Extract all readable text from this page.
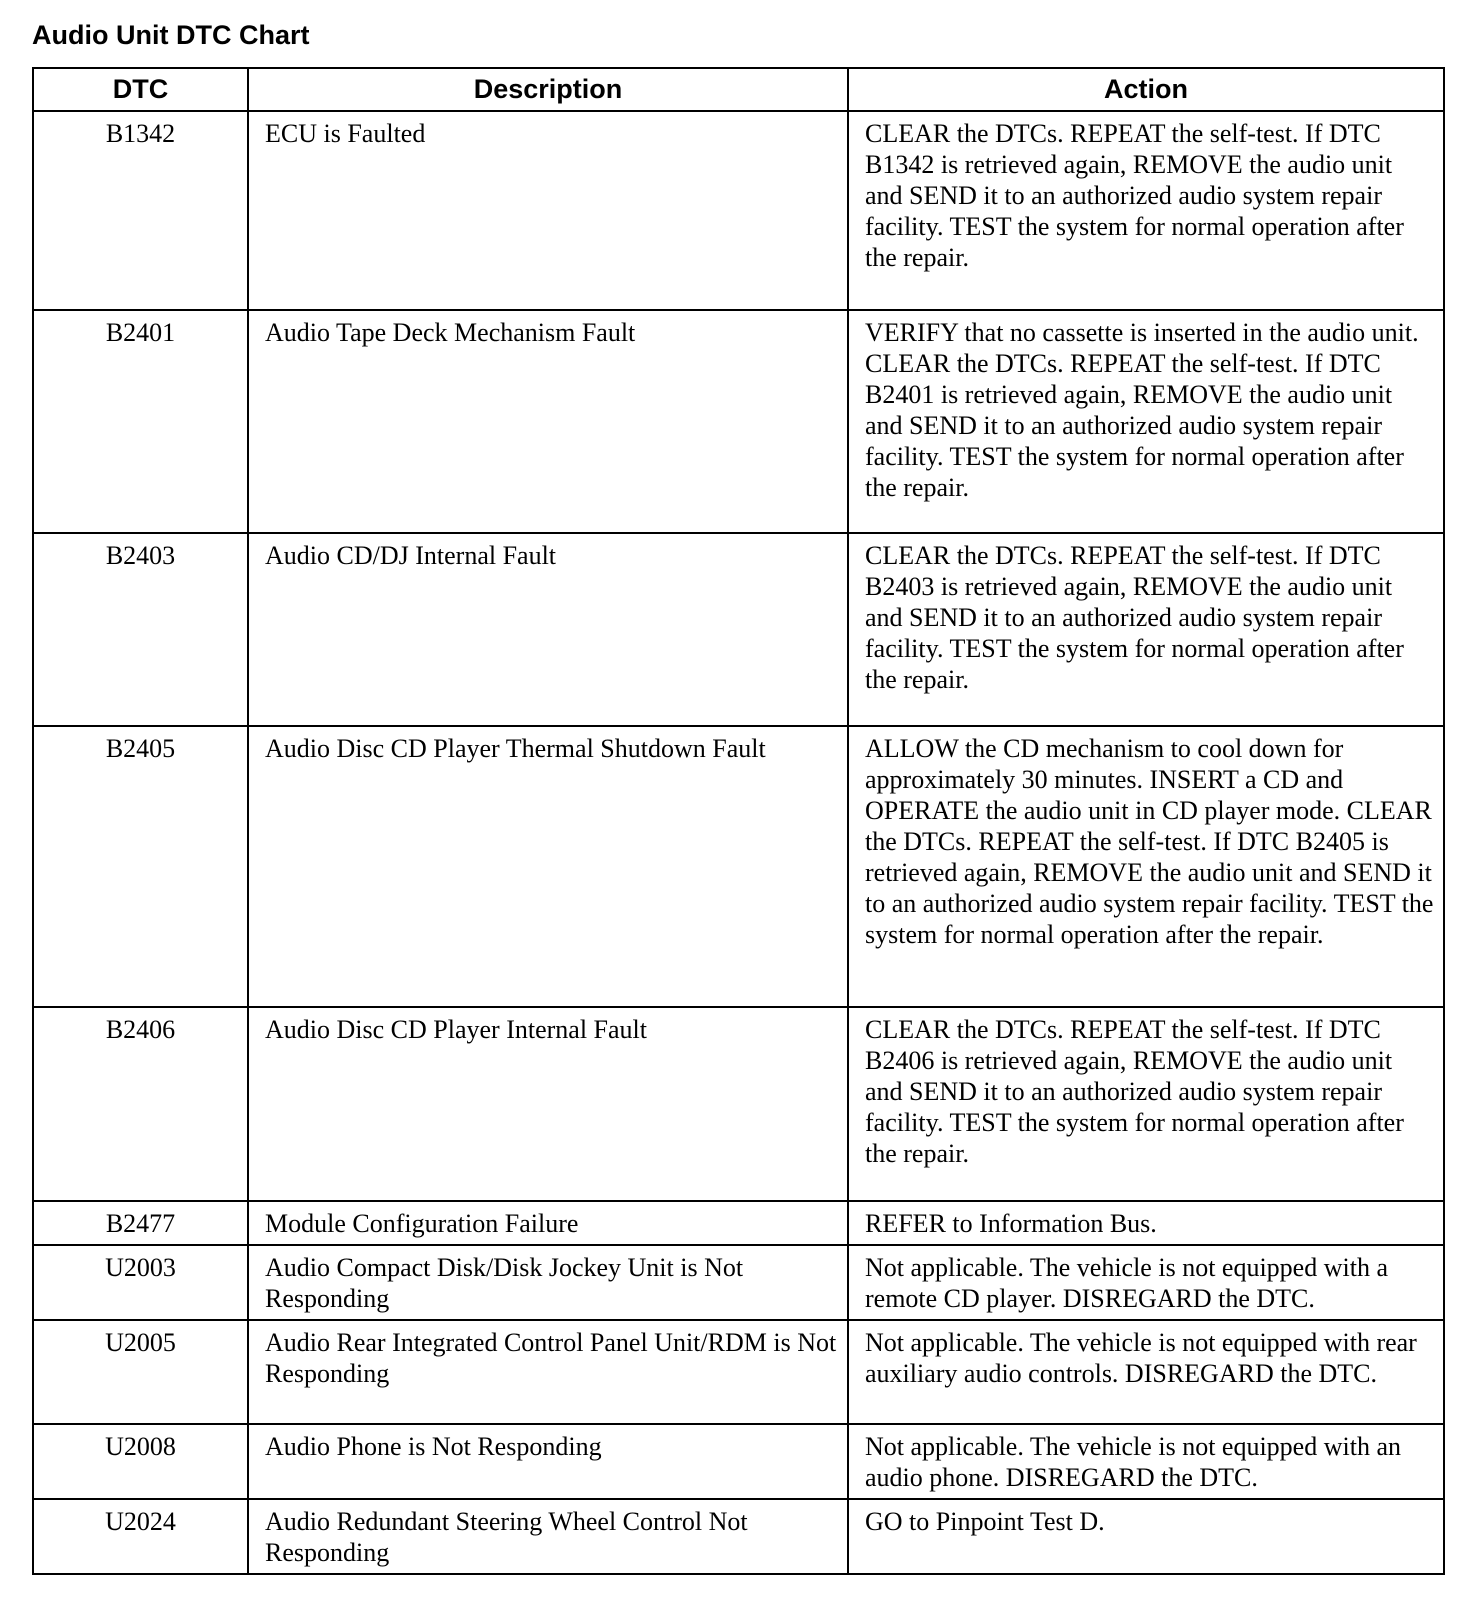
Audio Unit DTC Chart
DTC	Description	Action
B1342	ECU is Faulted	CLEAR the DTCs. REPEAT the self-test. If DTC B1342 is retrieved again, REMOVE the audio unit and SEND it to an authorized audio system repair facility. TEST the system for normal operation after the repair.
B2401	Audio Tape Deck Mechanism Fault	VERIFY that no cassette is inserted in the audio unit. CLEAR the DTCs. REPEAT the self-test. If DTC B2401 is retrieved again, REMOVE the audio unit and SEND it to an authorized audio system repair facility. TEST the system for normal operation after the repair.
B2403	Audio CD/DJ Internal Fault	CLEAR the DTCs. REPEAT the self-test. If DTC B2403 is retrieved again, REMOVE the audio unit and SEND it to an authorized audio system repair facility. TEST the system for normal operation after the repair.
B2405	Audio Disc CD Player Thermal Shutdown Fault	ALLOW the CD mechanism to cool down for approximately 30 minutes. INSERT a CD and OPERATE the audio unit in CD player mode. CLEAR the DTCs. REPEAT the self-test. If DTC B2405 is retrieved again, REMOVE the audio unit and SEND it to an authorized audio system repair facility. TEST the system for normal operation after the repair.
B2406	Audio Disc CD Player Internal Fault	CLEAR the DTCs. REPEAT the self-test. If DTC B2406 is retrieved again, REMOVE the audio unit and SEND it to an authorized audio system repair facility. TEST the system for normal operation after the repair.
B2477	Module Configuration Failure	REFER to Information Bus.
U2003	Audio Compact Disk/Disk Jockey Unit is Not Responding	Not applicable. The vehicle is not equipped with a remote CD player. DISREGARD the DTC.
U2005	Audio Rear Integrated Control Panel Unit/RDM is Not Responding	Not applicable. The vehicle is not equipped with rear auxiliary audio controls. DISREGARD the DTC.
U2008	Audio Phone is Not Responding	Not applicable. The vehicle is not equipped with an audio phone. DISREGARD the DTC.
U2024	Audio Redundant Steering Wheel Control Not Responding	GO to Pinpoint Test D.
